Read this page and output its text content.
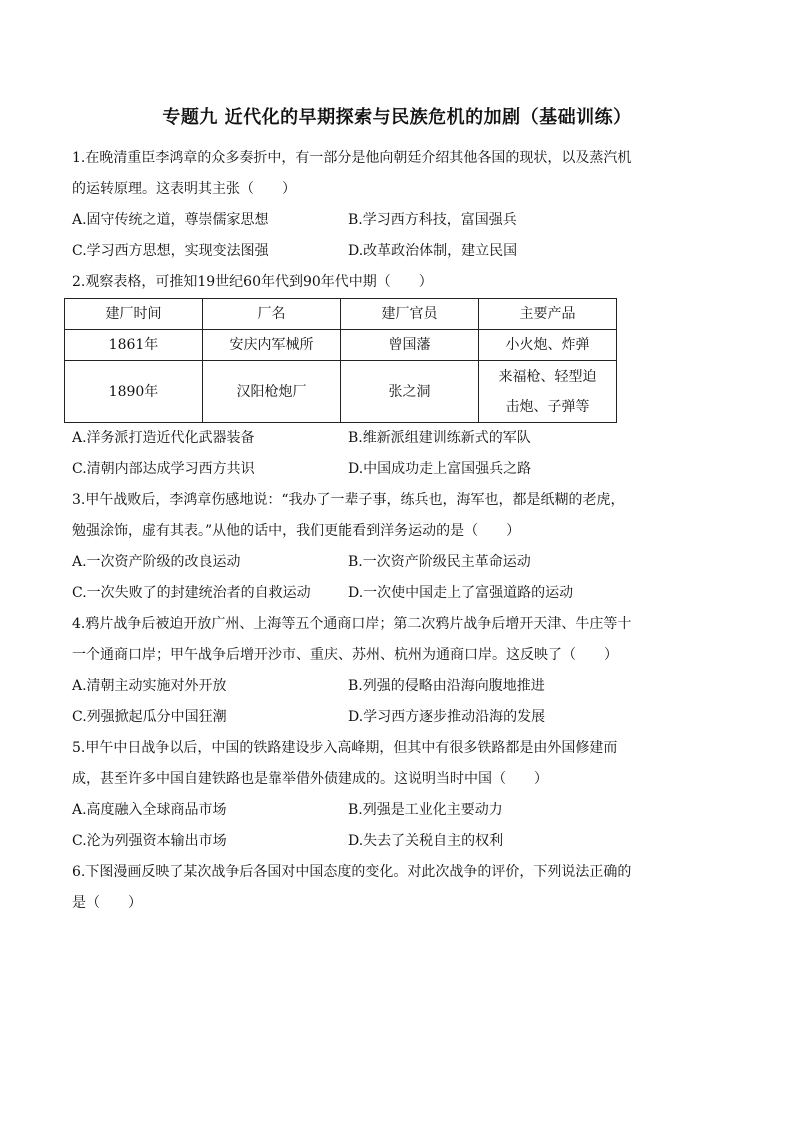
专题九 近代化的早期探索与民族危机的加剧（基础训练）
1.在晚清重臣李鸿章的众多奏折中，有一部分是他向朝廷介绍其他各国的现状，以及蒸汽机
的运转原理。这表明其主张（　　）
A.固守传统之道，尊崇儒家思想	B.学习西方科技，富国强兵
C.学习西方思想，实现变法图强	D.改革政治体制，建立民国
2.观察表格，可推知19世纪60年代到90年代中期（　　）
建厂时间	厂名	建厂官员	主要产品
1861年	安庆内军械所	曾国藩	小火炮、炸弹
1890年	汉阳枪炮厂	张之洞	来福枪、轻型迫
击炮、子弹等
A.洋务派打造近代化武器装备	B.维新派组建训练新式的军队
C.清朝内部达成学习西方共识	D.中国成功走上富国强兵之路
3.甲午战败后，李鸿章伤感地说：“我办了一辈子事，练兵也，海军也，都是纸糊的老虎，
勉强涂饰，虚有其表。”从他的话中，我们更能看到洋务运动的是（　　）
A.一次资产阶级的改良运动	B.一次资产阶级民主革命运动
C.一次失败了的封建统治者的自救运动	D.一次使中国走上了富强道路的运动
4.鸦片战争后被迫开放广州、上海等五个通商口岸；第二次鸦片战争后增开天津、牛庄等十
一个通商口岸；甲午战争后增开沙市、重庆、苏州、杭州为通商口岸。这反映了（　　）
A.清朝主动实施对外开放	B.列强的侵略由沿海向腹地推进
C.列强掀起瓜分中国狂潮	D.学习西方逐步推动沿海的发展
5.甲午中日战争以后，中国的铁路建设步入高峰期，但其中有很多铁路都是由外国修建而
成，甚至许多中国自建铁路也是靠举借外债建成的。这说明当时中国（　　）
A.高度融入全球商品市场	B.列强是工业化主要动力
C.沦为列强资本输出市场	D.失去了关税自主的权利
6.下图漫画反映了某次战争后各国对中国态度的变化。对此次战争的评价，下列说法正确的
是（　　）
